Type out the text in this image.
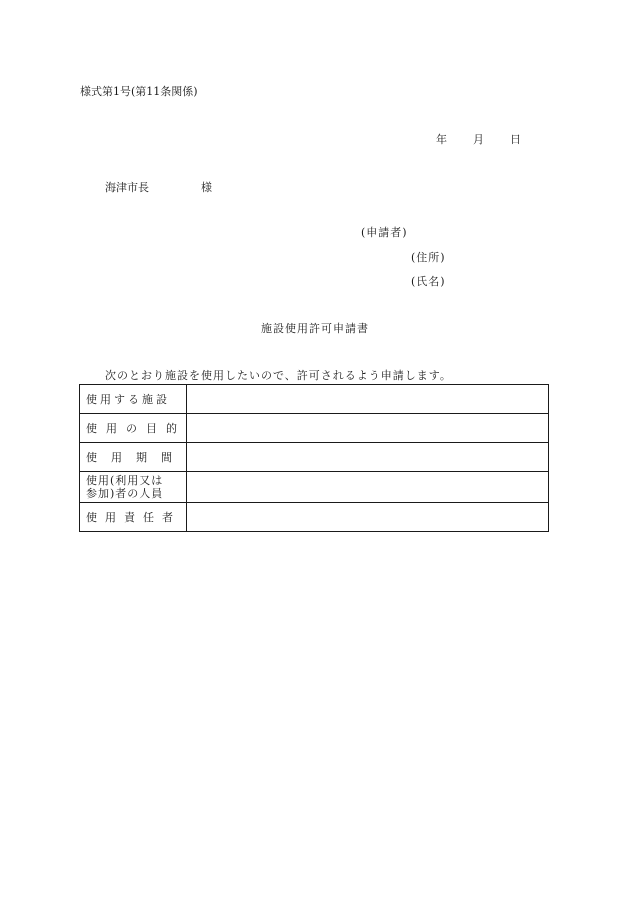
様式第1号(第11条関係)
年 月 日
海津市長	様
(申請者)
(住所)
(氏名)
施設使用許可申請書
次のとおり施設を使用したいので、許可されるよう申請します。
使用する施設	
使用の目的	
使用期間	

使用(利用又は
参加)者の人員	

使用責任者	
